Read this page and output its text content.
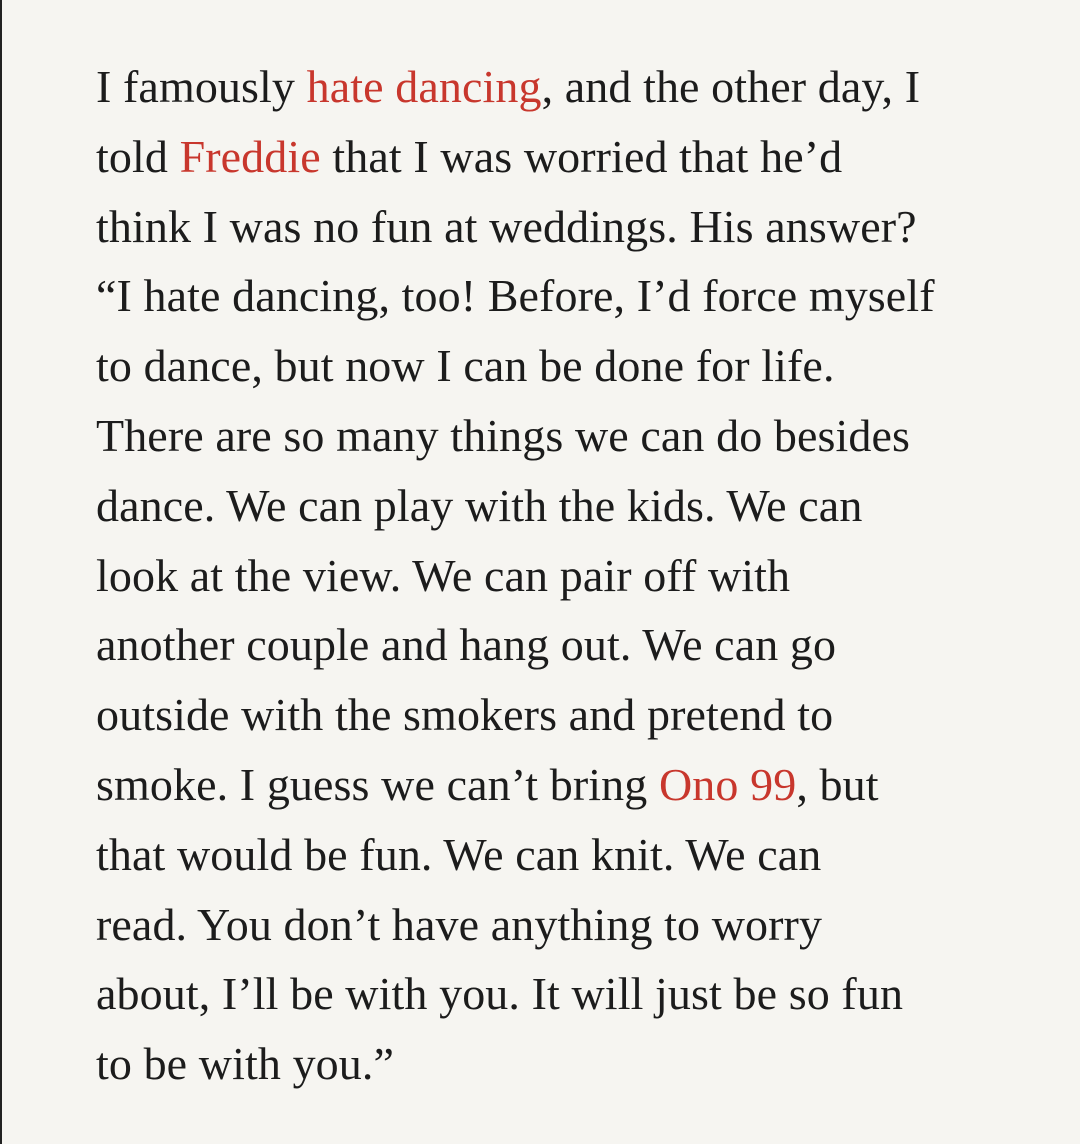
I famously hate dancing, and the other day, I
told Freddie that I was worried that he’d
think I was no fun at weddings. His answer?
“I hate dancing, too! Before, I’d force myself
to dance, but now I can be done for life.
There are so many things we can do besides
dance. We can play with the kids. We can
look at the view. We can pair off with
another couple and hang out. We can go
outside with the smokers and pretend to
smoke. I guess we can’t bring Ono 99, but
that would be fun. We can knit. We can
read. You don’t have anything to worry
about, I’ll be with you. It will just be so fun
to be with you.”
